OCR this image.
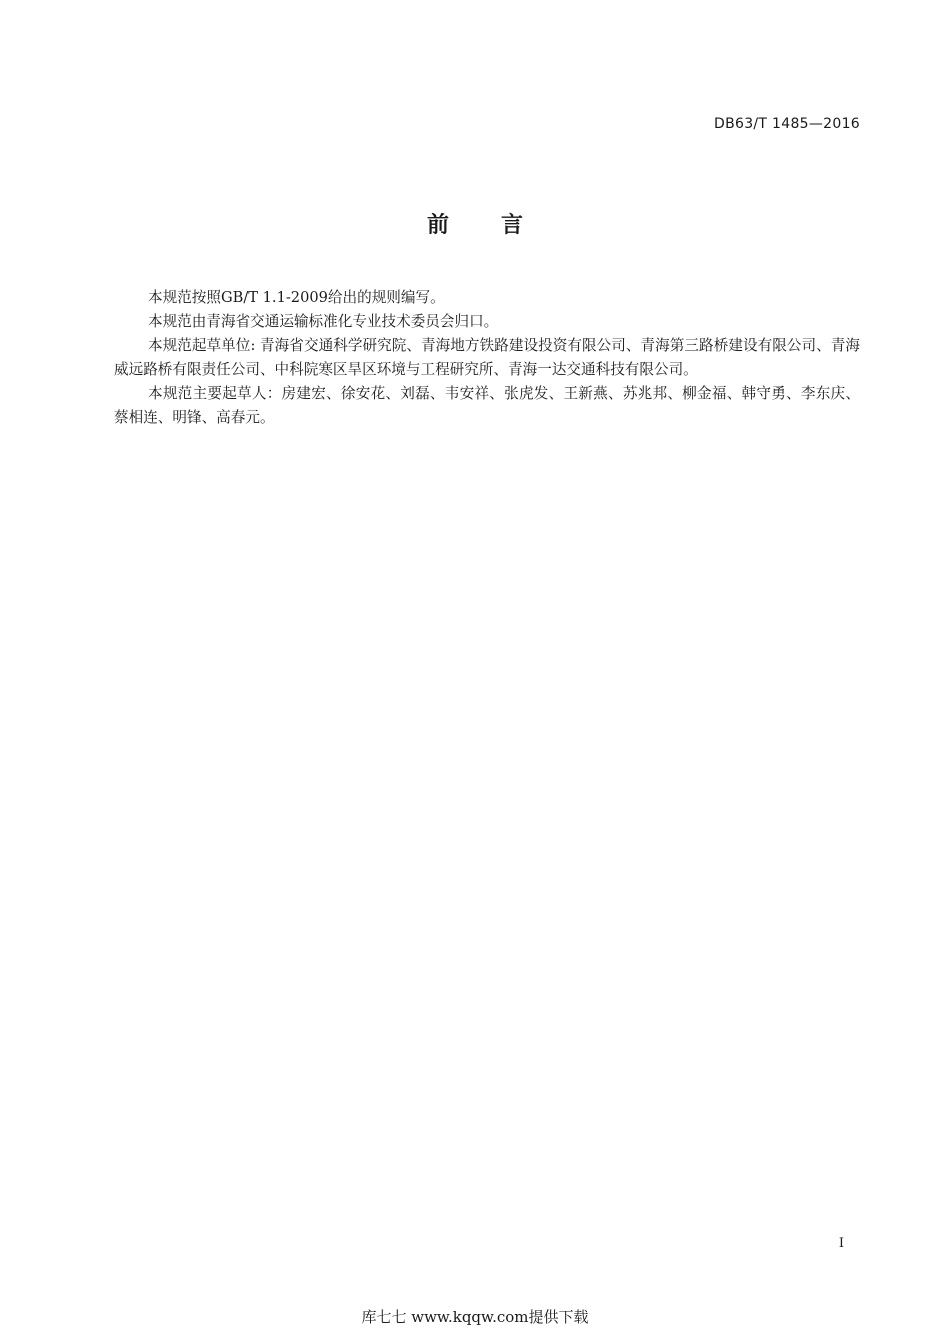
DB63/T 1485—2016
前言

本规范按照GB/T 1.1-2009给出的规则编写。

本规范由青海省交通运输标准化专业技术委员会归口。

本规范起草单位: 青海省交通科学研究院、青海地方铁路建设投资有限公司、青海第三路桥建设有限公司、青海威远路桥有限责任公司、中科院寒区旱区环境与工程研究所、青海一达交通科技有限公司。

本规范主要起草人：房建宏、徐安花、刘磊、韦安祥、张虎发、王新燕、苏兆邦、柳金福、韩守勇、李东庆、蔡相连、明锋、高春元。

I
库七七 www.kqqw.com提供下载
